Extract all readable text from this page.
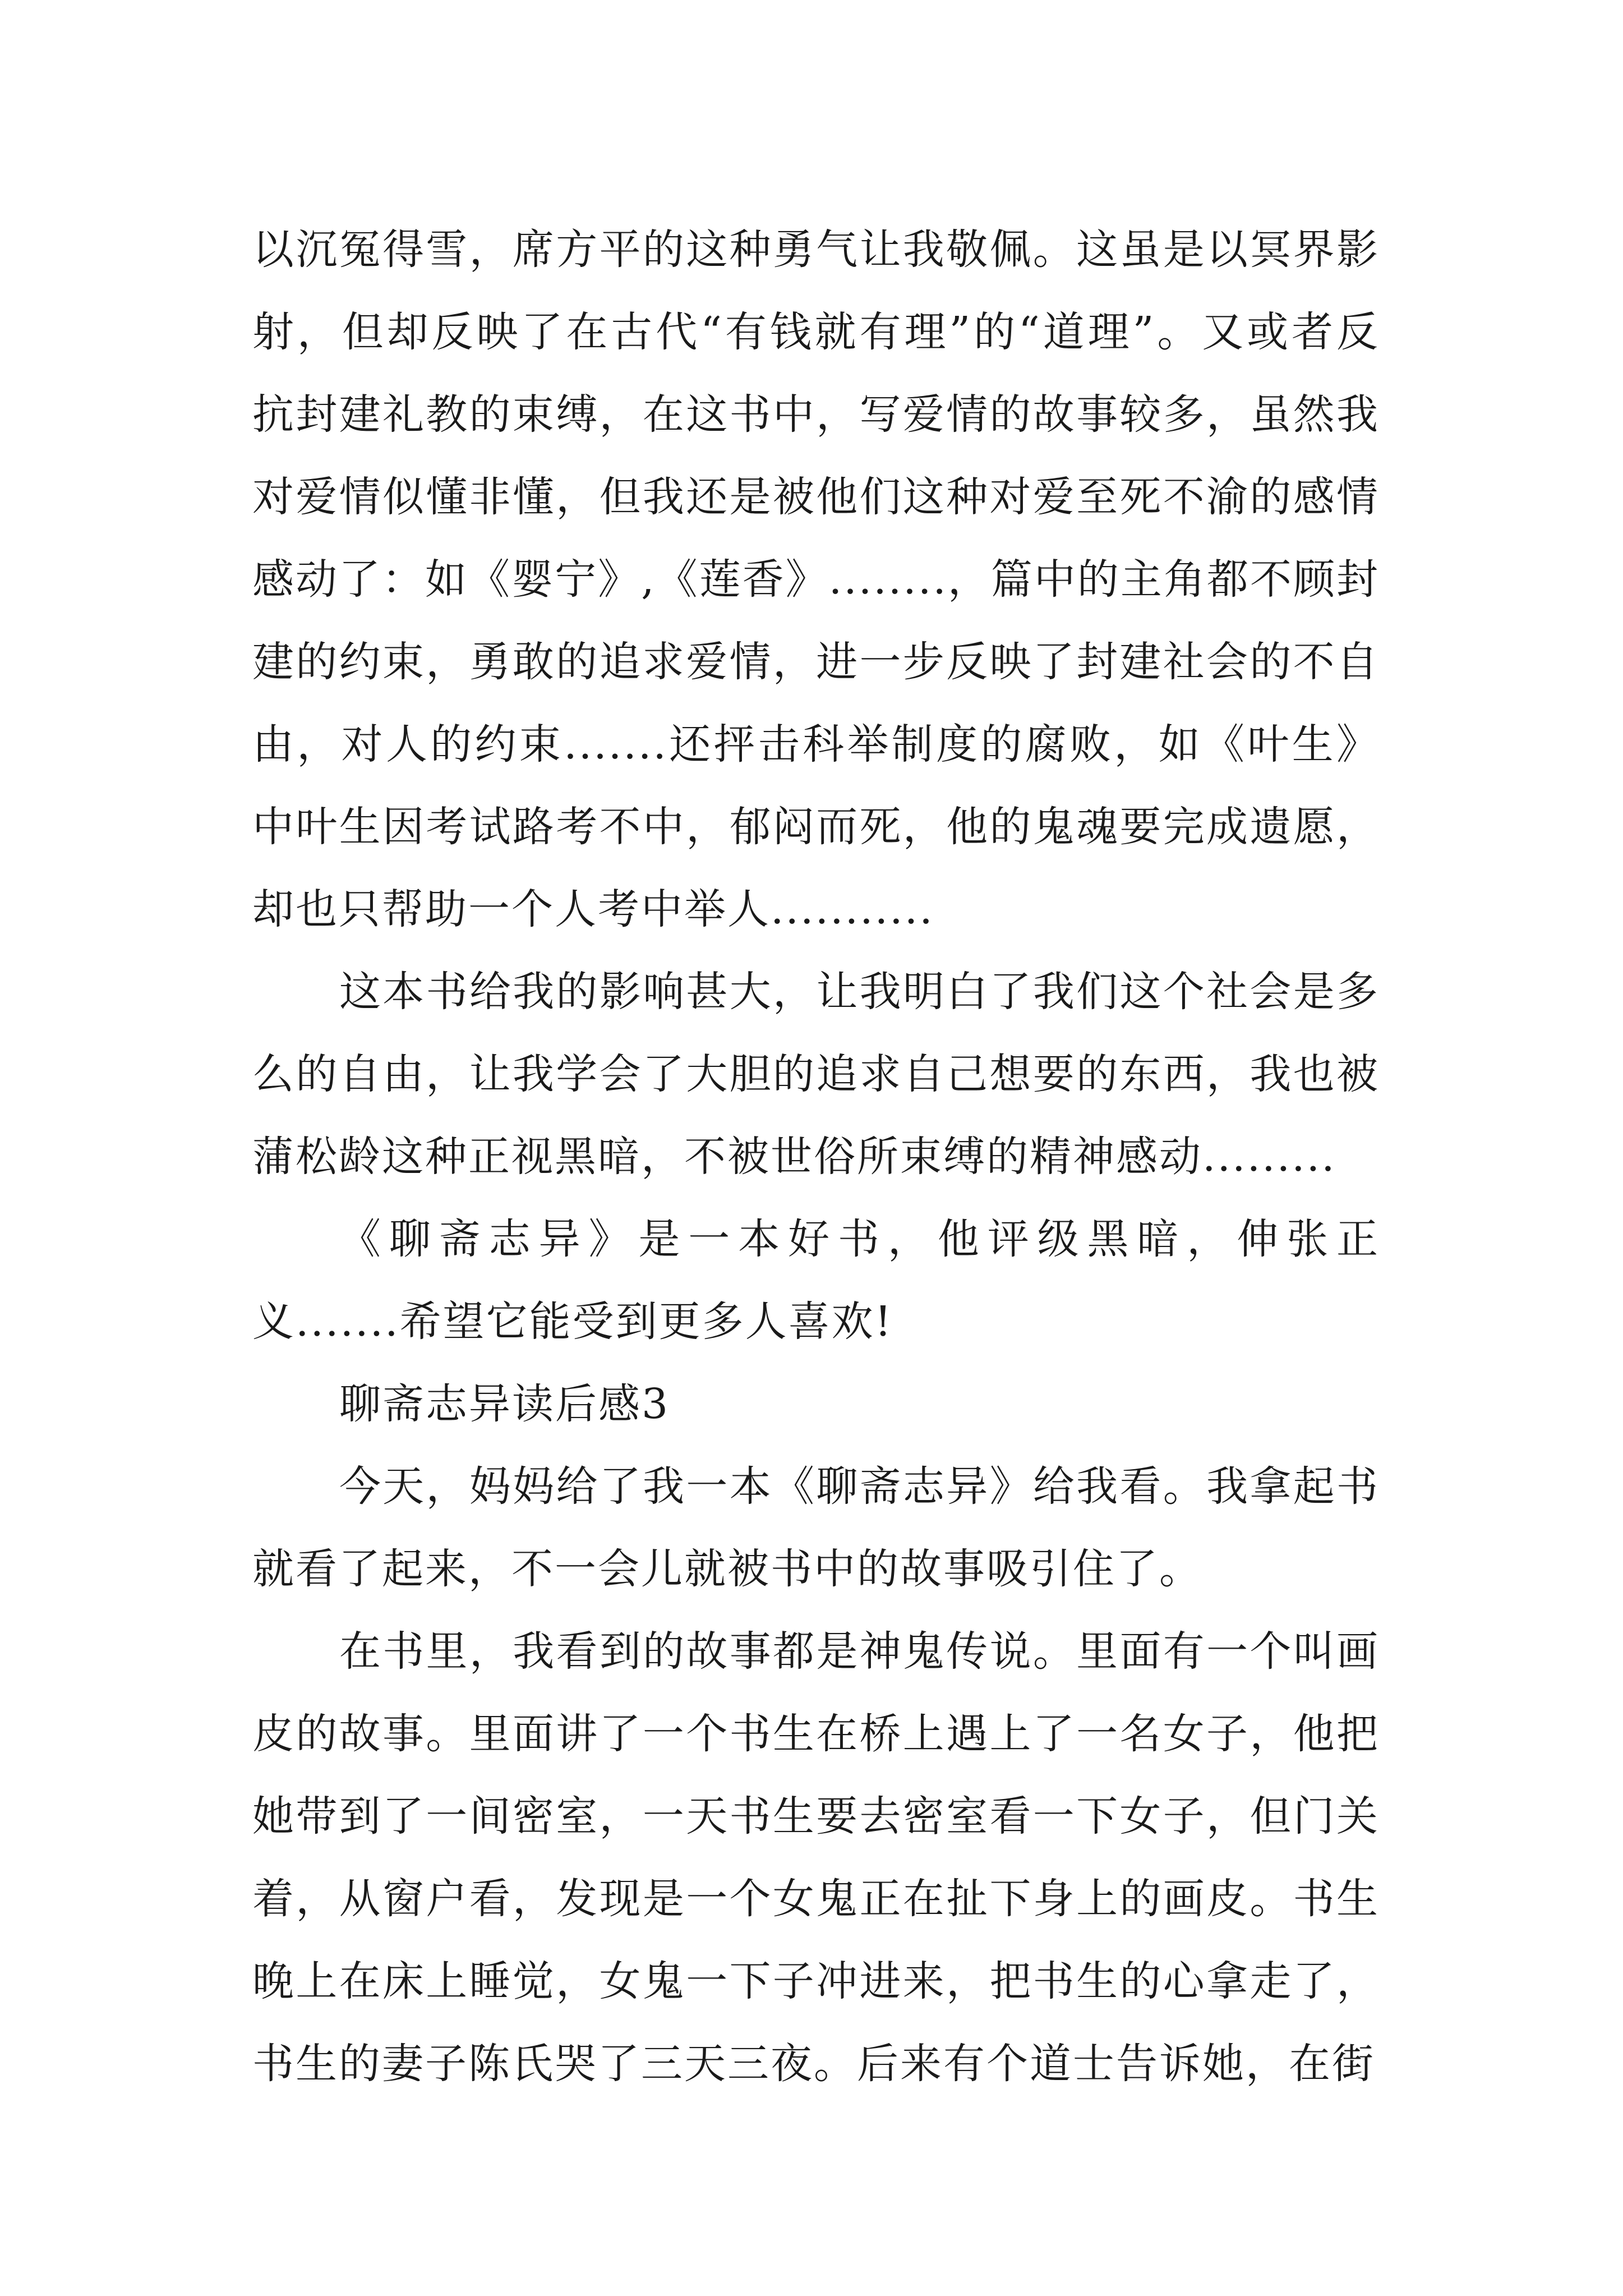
以沉冤得雪，席方平的这种勇气让我敬佩。这虽是以冥界影射，但却反映了在古代“有钱就有理”的“道理”。又或者反抗封建礼教的束缚，在这书中，写爱情的故事较多，虽然我对爱情似懂非懂，但我还是被他们这种对爱至死不渝的感情感动了：如《婴宁》,《莲香》........，篇中的主角都不顾封建的约束，勇敢的追求爱情，进一步反映了封建社会的不自由，对人的约束.......还抨击科举制度的腐败，如《叶生》中叶生因考试路考不中，郁闷而死，他的鬼魂要完成遗愿，却也只帮助一个人考中举人...........

这本书给我的影响甚大，让我明白了我们这个社会是多么的自由，让我学会了大胆的追求自己想要的东西，我也被蒲松龄这种正视黑暗，不被世俗所束缚的精神感动.........

《聊斋志异》是一本好书，他评级黑暗，伸张正义.......希望它能受到更多人喜欢!

聊斋志异读后感3

今天，妈妈给了我一本《聊斋志异》给我看。我拿起书就看了起来，不一会儿就被书中的故事吸引住了。

在书里，我看到的故事都是神鬼传说。里面有一个叫画皮的故事。里面讲了一个书生在桥上遇上了一名女子，他把她带到了一间密室，一天书生要去密室看一下女子，但门关着，从窗户看，发现是一个女鬼正在扯下身上的画皮。书生晚上在床上睡觉，女鬼一下子冲进来，把书生的心拿走了，书生的妻子陈氏哭了三天三夜。后来有个道士告诉她，在街
